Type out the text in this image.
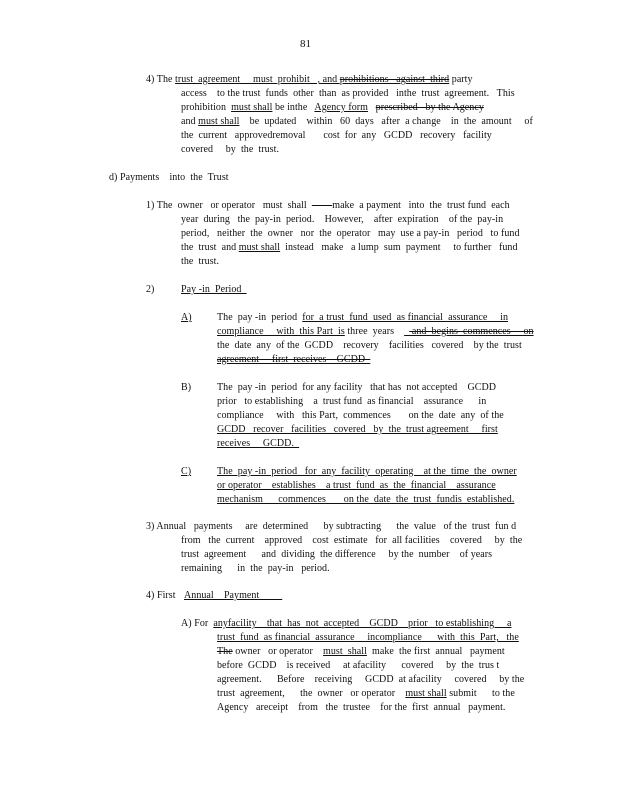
81
4) The trust  agreement     must  prohibit   , and prohibitions   against  third party
access    to the trust  funds  other  than  as provided   inthe  trust  agreement.   This
prohibition  must shall be inthe   Agency form prescribed   by the Agency
and must shall    be  updated    within   60  days   after  a change    in  the  amount     of
the  current   approvedremoval       cost  for  any   GCDD   recovery   facility
covered     by  the  trust.
d) Payments    into  the  Trust
1) The  owner   or operator   must  shall          make  a payment   into  the  trust fund  each
year  during   the  pay-in  period.    However,    after  expiration    of the  pay-in
period,   neither  the  owner   nor  the  operator   may  use a pay-in   period   to fund
the  trust  and must shall  instead   make   a lump  sum  payment     to further   fund
the  trust.
2)	Pay -in  Period
A)	The  pay -in  period  for  a trust  fund  used  as financial  assurance     in
compliance     with  this Part  is three  years    _ and  begins  commences     on
the  date  any  of the  GCDD    recovery    facilities   covered    by the  trust
agreement     first  receives    GCDD
B)	The  pay -in  period  for any facility   that has  not accepted    GCDD
prior   to establishing    a  trust fund  as financial    assurance      in
compliance     with   this Part,  commences       on the  date  any  of the
GCDD   recover   facilities   covered   by  the  trust agreement     first
receives     GCDD.
C)	The  pay -in  period   for  any  facility  operating    at the  time  the  owner
or operator    establishes    a trust  fund  as  the  financial    assurance
mechanism      commences       on the  date  the  trust  fundis  established.
3) Annual   payments     are  determined      by subtracting      the  value   of the  trust  fun d
from   the  current    approved    cost  estimate   for  all facilities    covered     by  the
trust  agreement      and  dividing  the difference     by the  number    of years
remaining      in  the  pay-in   period.
4) First Annual    Payment
A) For  anyfacility    that  has  not  accepted    GCDD    prior   to establishing     a
trust  fund  as financial  assurance     incompliance      with  this  Part,   the
The owner   or operator    must  shall  make  the first  annual   payment
before  GCDD    is received     at afacility      covered     by  the  trus t
agreement.      Before    receiving     GCDD  at afacility     covered     by the
trust  agreement,      the  owner   or operator    must shall submit      to the
Agency   areceipt    from   the  trustee    for the  first  annual   payment.
